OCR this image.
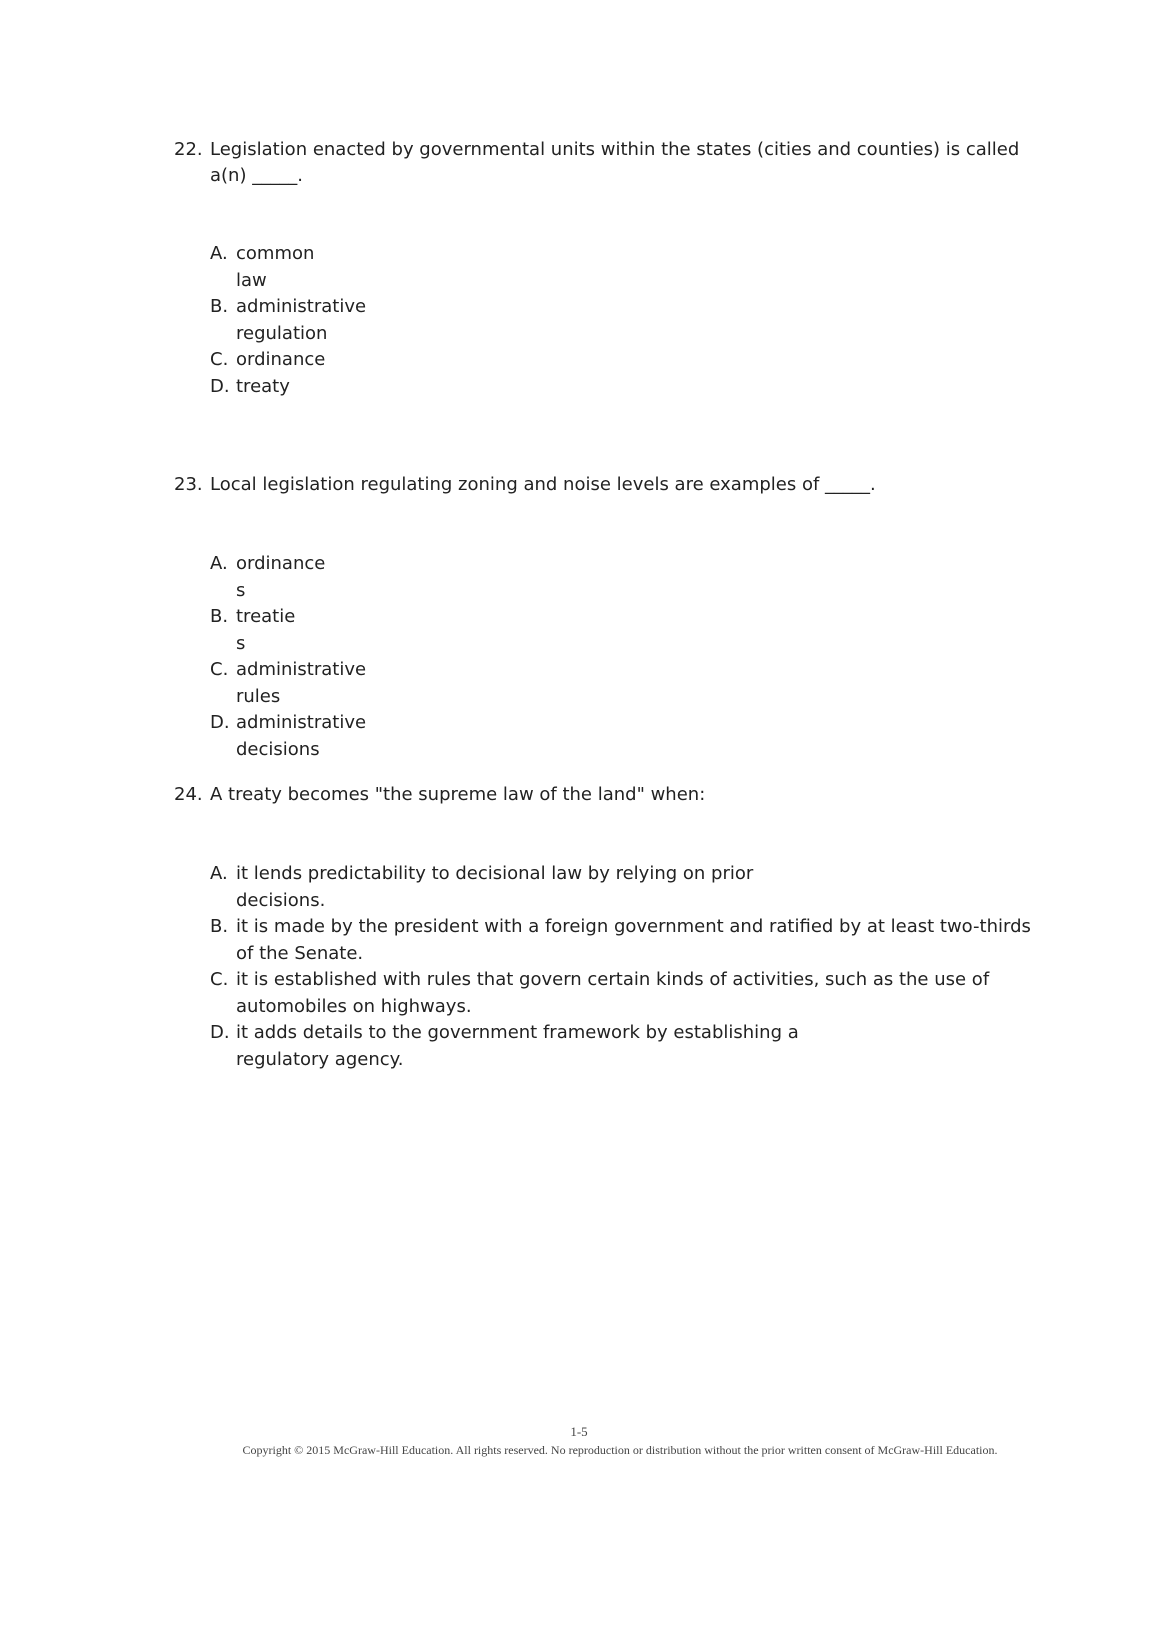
22. Legislation enacted by governmental units within the states (cities and counties) is called a(n) _____.
A. common law
B. administrative regulation
C. ordinance
D. treaty
23. Local legislation regulating zoning and noise levels are examples of _____.
A. ordinances
B. treaties
C. administrative rules
D. administrative decisions
24. A treaty becomes "the supreme law of the land" when:
A. it lends predictability to decisional law by relying on prior decisions.
B. it is made by the president with a foreign government and ratified by at least two-thirds of the Senate.
C. it is established with rules that govern certain kinds of activities, such as the use of automobiles on highways.
D. it adds details to the government framework by establishing a regulatory agency.
1-5
Copyright © 2015 McGraw-Hill Education. All rights reserved. No reproduction or distribution without the prior written consent of McGraw-Hill Education.
